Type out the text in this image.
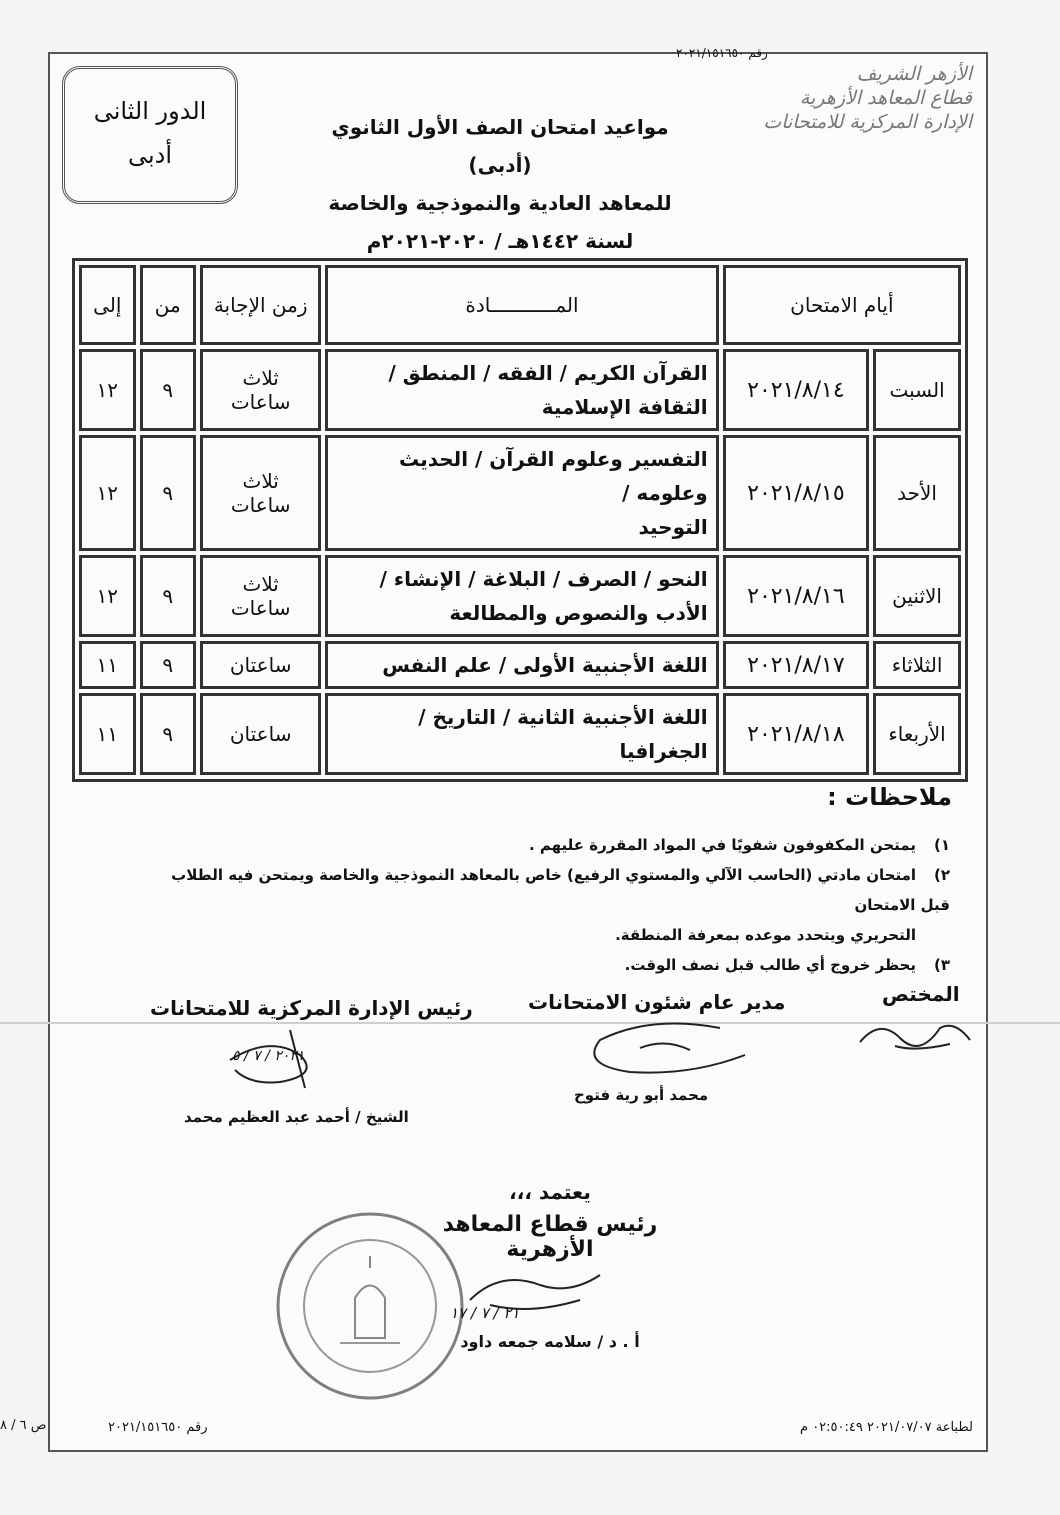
رقم ٢٠٢١/١٥١٦٥٠
الأزهر الشريف
قطاع المعاهد الأزهرية
الإدارة المركزية للامتحانات
الدور الثانى
أدبى
مواعيد امتحان الصف الأول الثانوي (أدبى)
للمعاهد العادية والنموذجية والخاصة
لسنة ١٤٤٢هـ / ٢٠٢٠-٢٠٢١م
أيام الامتحان		المـــــــــــادة	زمن الإجابة	من	إلى
السبت	٢٠٢١/٨/١٤	القرآن الكريم / الفقه / المنطق /
الثقافة الإسلامية	ثلاث ساعات	٩	١٢
الأحد	٢٠٢١/٨/١٥	التفسير وعلوم القرآن / الحديث وعلومه /
التوحيد	ثلاث ساعات	٩	١٢
الاثنين	٢٠٢١/٨/١٦	النحو / الصرف / البلاغة / الإنشاء /
الأدب والنصوص والمطالعة	ثلاث ساعات	٩	١٢
الثلاثاء	٢٠٢١/٨/١٧	اللغة الأجنبية الأولى / علم النفس	ساعتان	٩	١١
الأربعاء	٢٠٢١/٨/١٨	اللغة الأجنبية الثانية / التاريخ / الجغرافيا	ساعتان	٩	١١
ملاحظات :
١)يمتحن المكفوفون شفويًا في المواد المقررة عليهم .
٢)امتحان مادتي (الحاسب الآلي والمستوي الرفيع) خاص بالمعاهد النموذجية والخاصة ويمتحن فيه الطلاب قبل الامتحان
التحريري ويتحدد موعده بمعرفة المنطقة.
٣)يحظر خروج أي طالب قبل نصف الوقت.
المختص
مدير عام شئون الامتحانات
محمد أبو رية فتوح
رئيس الإدارة المركزية للامتحانات
٢٠٢١ / ٧ / ٥
الشيخ / أحمد عبد العظيم محمد
يعتمد ،،،
رئيس قطاع المعاهد الأزهرية
٢١ / ٧ / ١٧
أ . د / سلامه جمعه داود
رقم ٢٠٢١/١٥١٦٥٠	لطباعة ٢٠٢١/٠٧/٠٧ ٠٢:٥٠:٤٩ م
ص ٦ / ٨
